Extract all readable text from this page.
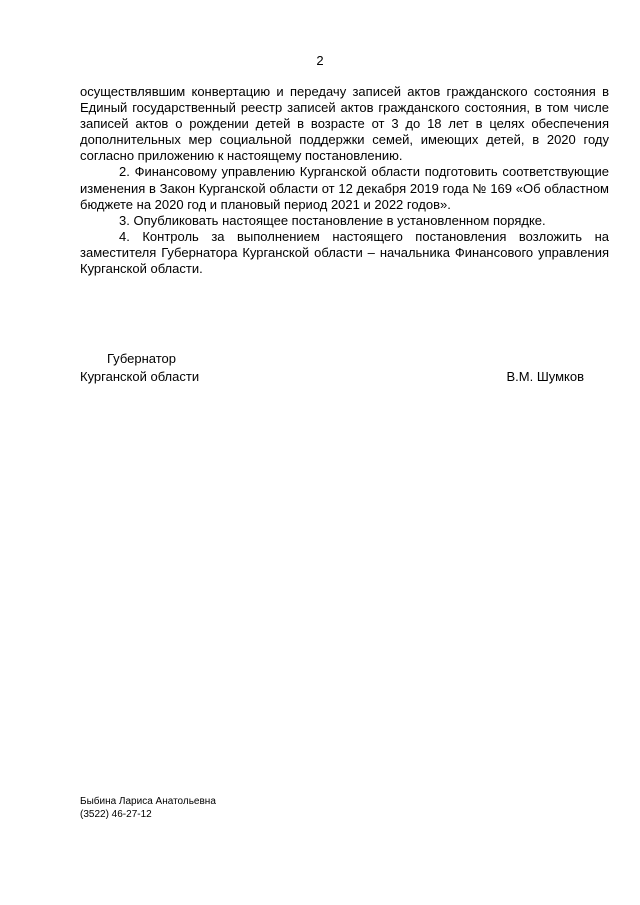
2

осуществлявшим конвертацию и передачу записей актов гражданского состояния в Единый государственный реестр записей актов гражданского состояния, в том числе записей актов о рождении детей в возрасте от 3 до 18 лет в целях обеспечения дополнительных мер социальной поддержки семей, имеющих детей, в 2020 году согласно приложению к настоящему постановлению.

2. Финансовому управлению Курганской области подготовить соответствующие изменения в Закон Курганской области от 12 декабря 2019 года № 169 «Об областном бюджете на 2020 год и плановый период 2021 и 2022 годов».

3. Опубликовать настоящее постановление в установленном порядке.

4. Контроль за выполнением настоящего постановления возложить на заместителя Губернатора Курганской области – начальника Финансового управления Курганской области.

Губернатор
Курганской области	В.М. Шумков
Быбина Лариса Анатольевна
(3522) 46-27-12
